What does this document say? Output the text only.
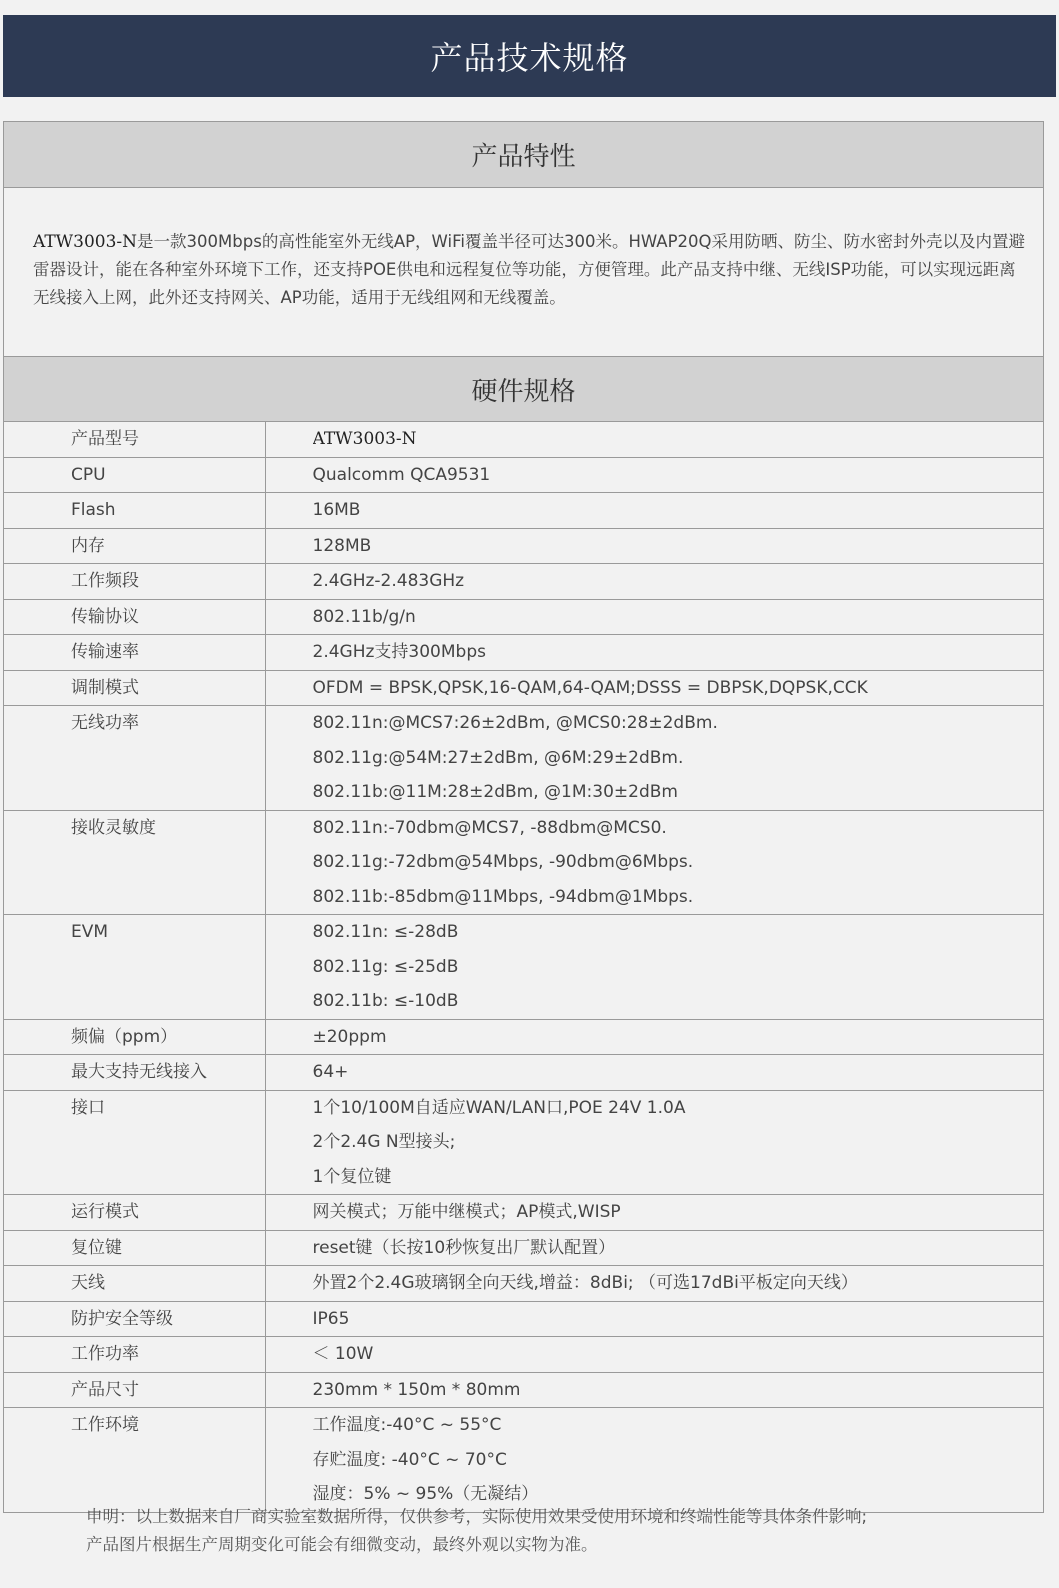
产品技术规格
产品特性
ATW3003-N是一款300Mbps的高性能室外无线AP，WiFi覆盖半径可达300米。HWAP20Q采用防晒、防尘、防水密封外壳以及内置避雷器设计，能在各种室外环境下工作，还支持POE供电和远程复位等功能，方便管理。此产品支持中继、无线ISP功能，可以实现远距离无线接入上网，此外还支持网关、AP功能，适用于无线组网和无线覆盖。
硬件规格
产品型号	ATW3003-N

CPU	Qualcomm QCA9531

Flash	16MB

内存	128MB

工作频段	2.4GHz-2.483GHz

传输协议	802.11b/g/n

传输速率	2.4GHz支持300Mbps

调制模式	OFDM = BPSK,QPSK,16-QAM,64-QAM;DSSS = DBPSK,DQPSK,CCK

无线功率	802.11n:@MCS7:26±2dBm, @MCS0:28±2dBm.
802.11g:@54M:27±2dBm, @6M:29±2dBm.
802.11b:@11M:28±2dBm, @1M:30±2dBm

接收灵敏度	802.11n:-70dbm@MCS7, -88dbm@MCS0.
802.11g:-72dbm@54Mbps, -90dbm@6Mbps.
802.11b:-85dbm@11Mbps, -94dbm@1Mbps.

EVM	802.11n: ≤-28dB
802.11g: ≤-25dB
802.11b: ≤-10dB

频偏（ppm）	±20ppm

最大支持无线接入	64+

接口	1个10/100M自适应WAN/LAN口,POE 24V 1.0A
2个2.4G N型接头;
1个复位键

运行模式	网关模式；万能中继模式；AP模式,WISP

复位键	reset键（长按10秒恢复出厂默认配置）

天线	外置2个2.4G玻璃钢全向天线,增益：8dBi; （可选17dBi平板定向天线）

防护安全等级	IP65

工作功率	＜ 10W

产品尺寸	230mm * 150m * 80mm

工作环境	工作温度:-40°C ~ 55°C
存贮温度: -40°C ~ 70°C
湿度：5% ~ 95%（无凝结）
申明：以上数据来自厂商实验室数据所得，仅供参考，实际使用效果受使用环境和终端性能等具体条件影响;
产品图片根据生产周期变化可能会有细微变动，最终外观以实物为准。
